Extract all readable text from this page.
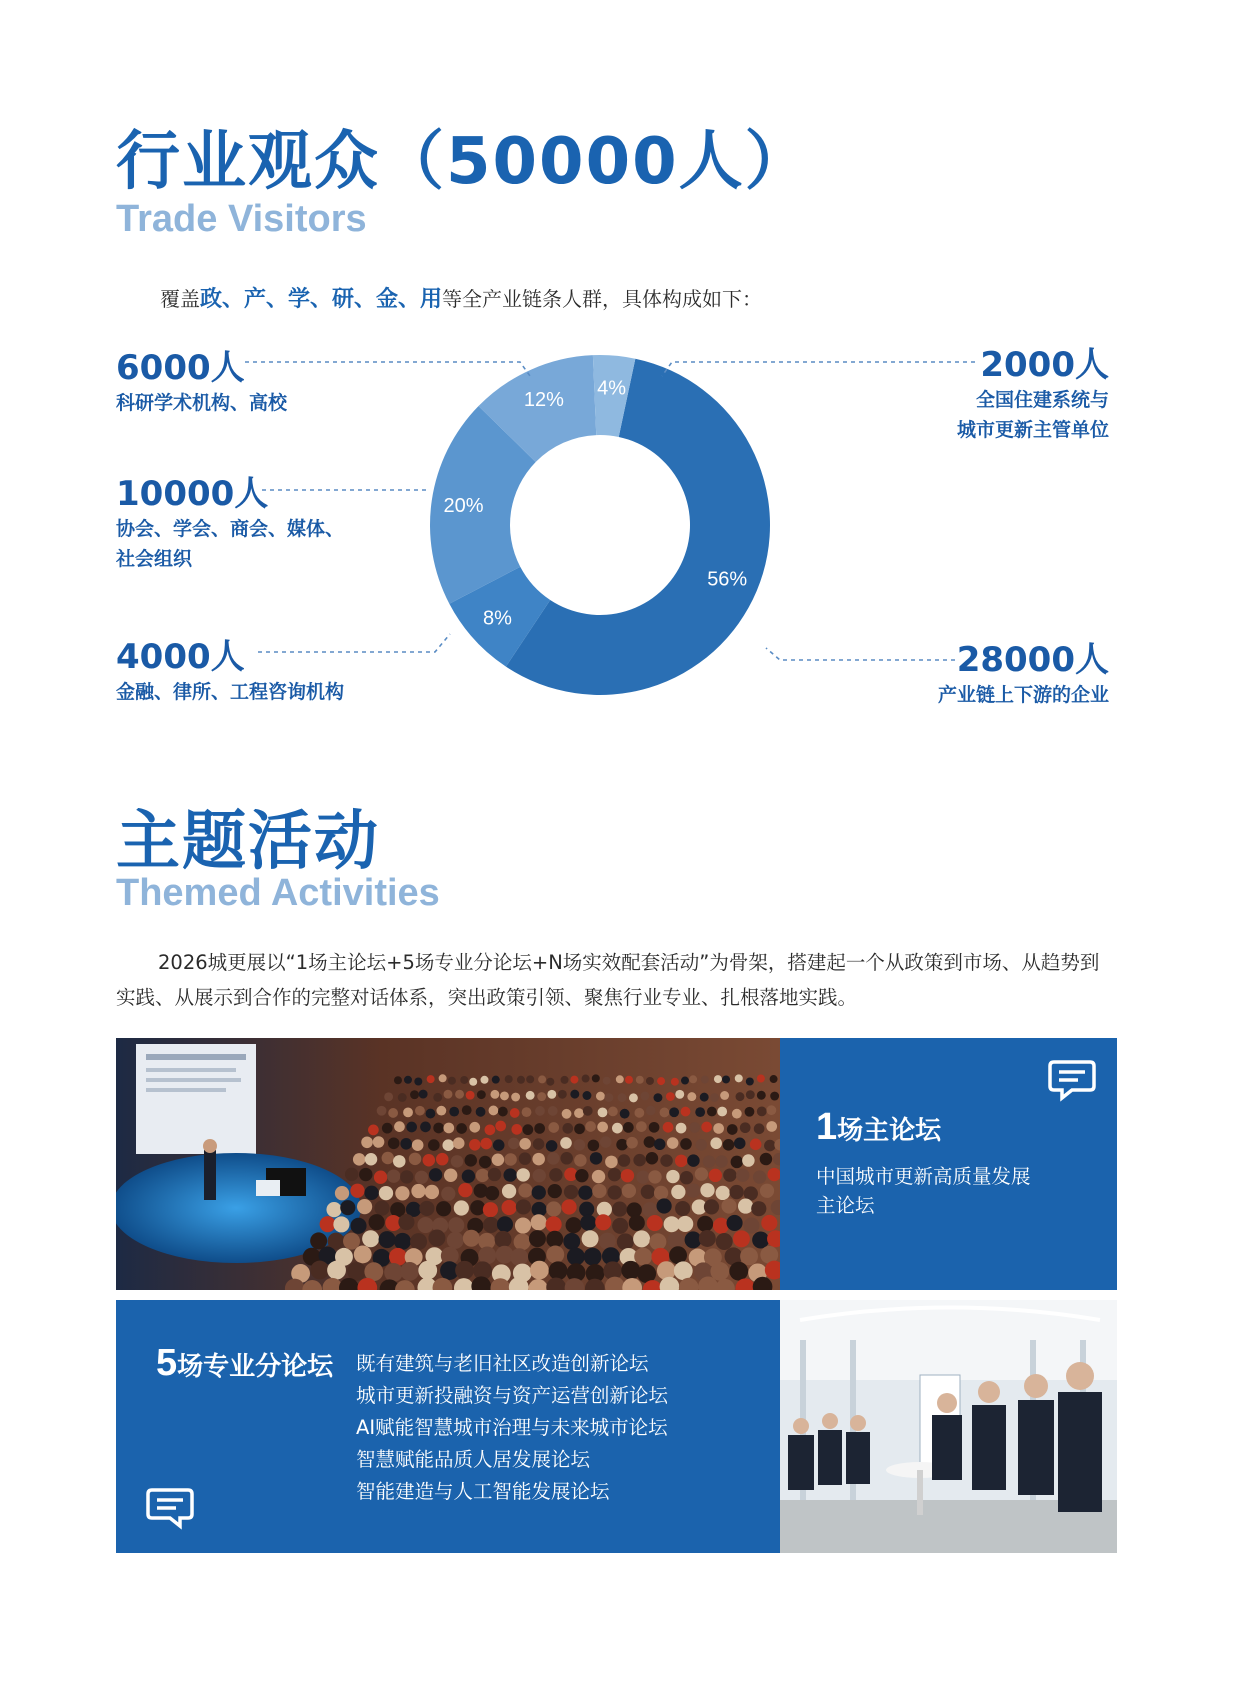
行业观众（50000人）
Trade Visitors
覆盖政、产、学、研、金、用等全产业链条人群，具体构成如下：
56%
8%
20%
12%
4%
6000人
科研学术机构、高校
10000人
协会、学会、商会、媒体、
社会组织
4000人
金融、律所、工程咨询机构
2000人
全国住建系统与
城市更新主管单位
28000人
产业链上下游的企业
主题活动
Themed Activities
2026城更展以“1场主论坛+5场专业分论坛+N场实效配套活动”为骨架，搭建起一个从政策到市场、从趋势到实践、从展示到合作的完整对话体系，突出政策引领、聚焦行业专业、扎根落地实践。
1场主论坛
中国城市更新高质量发展
主论坛
5场专业分论坛 既有建筑与老旧社区改造创新论坛
城市更新投融资与资产运营创新论坛
AI赋能智慧城市治理与未来城市论坛
智慧赋能品质人居发展论坛
智能建造与人工智能发展论坛
